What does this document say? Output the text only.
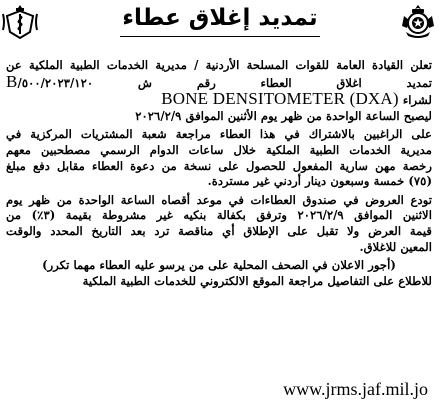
تمديد إغلاق عطاء
تعلن القيادة العامة للقوات المسلحة الأردنية / مديرية الخدمات الطبية الملكية عن
تمديد اغلاق العطاء رقم ش ٥٠٠/٢٠٢٣/١٢٠/B
لشراء BONE DENSITOMETER (DXA)
ليصبح الساعة الواحدة من ظهر يوم الأثنين الموافق ٢٠٢٦/٢/٩
على الراغبين بالاشتراك في هذا العطاء مراجعة شعبة المشتريات المركزية في
مديرية الخدمات الطبية الملكية خلال ساعات الدوام الرسمي مصطحبين معهم
رخصة مهن سارية المفعول للحصول على نسخة من دعوة العطاء مقابل دفع مبلغ
(٧٥) خمسة وسبعون دينار أردني غير مستردة.
تودع العروض في صندوق العطاءات في موعد أقصاه الساعة الواحدة من ظهر يوم
الاثنين الموافق ٢٠٢٦/٢/٩ وترفق بكفالة بنكيه غير مشروطة بقيمة (٣٪) من
قيمة العرض ولا تقبل على الإطلاق أي مناقصة ترد بعد التاريخ المحدد والوقت
المعين للاغلاق.
(أجور الاعلان في الصحف المحلية على من يرسو عليه العطاء مهما تكرر)
للاطلاع على التفاصيل مراجعة الموقع الالكتروني للخدمات الطبية الملكية
www.jrms.jaf.mil.jo
